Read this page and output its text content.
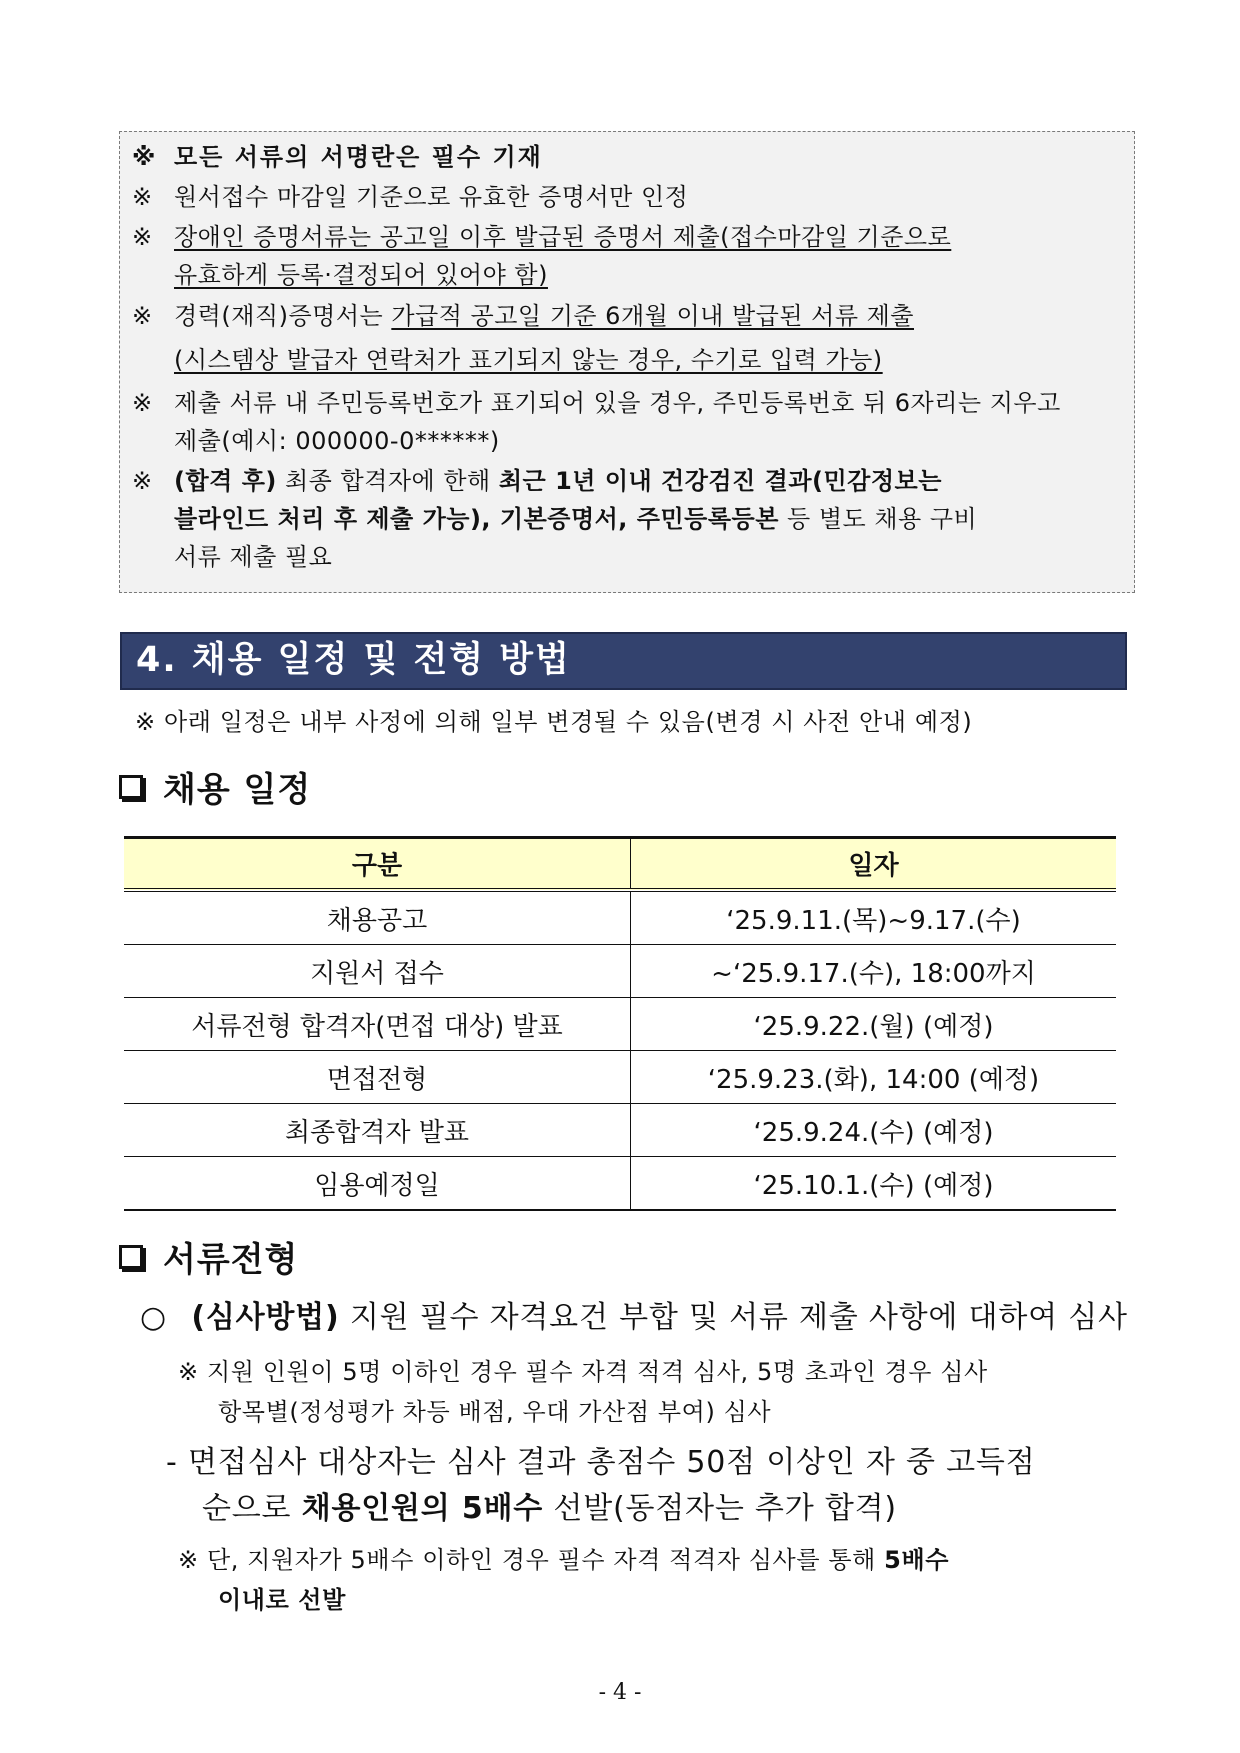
※ 모든 서류의 서명란은 필수 기재
※ 원서접수 마감일 기준으로 유효한 증명서만 인정
※ 장애인 증명서류는 공고일 이후 발급된 증명서 제출(접수마감일 기준으로
유효하게 등록·결정되어 있어야 함)
※ 경력(재직)증명서는 가급적 공고일 기준 6개월 이내 발급된 서류 제출
(시스템상 발급자 연락처가 표기되지 않는 경우, 수기로 입력 가능)
※ 제출 서류 내 주민등록번호가 표기되어 있을 경우, 주민등록번호 뒤 6자리는 지우고
제출(예시: 000000-0******)
※ (합격 후) 최종 합격자에 한해 최근 1년 이내 건강검진 결과(민감정보는
블라인드 처리 후 제출 가능), 기본증명서, 주민등록등본 등 별도 채용 구비
서류 제출 필요
4. 채용 일정 및 전형 방법
※ 아래 일정은 내부 사정에 의해 일부 변경될 수 있음(변경 시 사전 안내 예정)
채용 일정
구분	일자
채용공고	‘25.9.11.(목)~9.17.(수)
지원서 접수	~‘25.9.17.(수), 18:00까지
서류전형 합격자(면접 대상) 발표	‘25.9.22.(월) (예정)
면접전형	‘25.9.23.(화), 14:00 (예정)
최종합격자 발표	‘25.9.24.(수) (예정)
임용예정일	‘25.10.1.(수) (예정)
서류전형
○ (심사방법) 지원 필수 자격요건 부합 및 서류 제출 사항에 대하여 심사
※ 지원 인원이 5명 이하인 경우 필수 자격 적격 심사, 5명 초과인 경우 심사
항목별(정성평가 차등 배점, 우대 가산점 부여) 심사
- 면접심사 대상자는 심사 결과 총점수 50점 이상인 자 중 고득점
순으로 채용인원의 5배수 선발(동점자는 추가 합격)
※ 단, 지원자가 5배수 이하인 경우 필수 자격 적격자 심사를 통해 5배수
이내로 선발
- 4 -
